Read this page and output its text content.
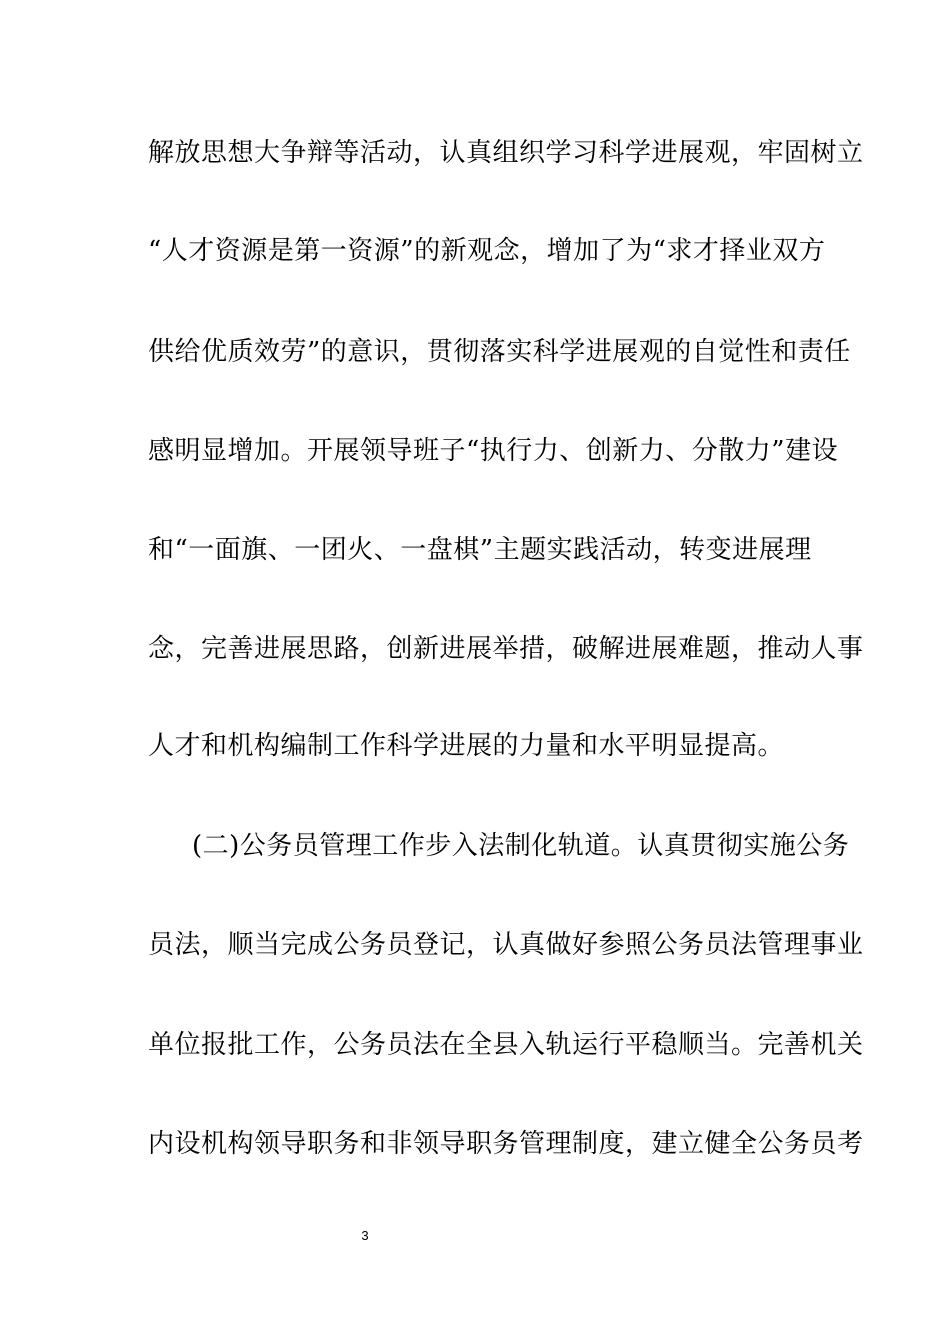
解放思想大争辩等活动，认真组织学习科学进展观，牢固树立
“人才资源是第一资源”的新观念，增加了为“求才择业双方
供给优质效劳”的意识，贯彻落实科学进展观的自觉性和责任
感明显增加。开展领导班子“执行力、创新力、分散力”建设
和“一面旗、一团火、一盘棋”主题实践活动，转变进展理
念，完善进展思路，创新进展举措，破解进展难题，推动人事
人才和机构编制工作科学进展的力量和水平明显提高。
(二)公务员管理工作步入法制化轨道。认真贯彻实施公务
员法，顺当完成公务员登记，认真做好参照公务员法管理事业
单位报批工作，公务员法在全县入轨运行平稳顺当。完善机关
内设机构领导职务和非领导职务管理制度，建立健全公务员考
3
